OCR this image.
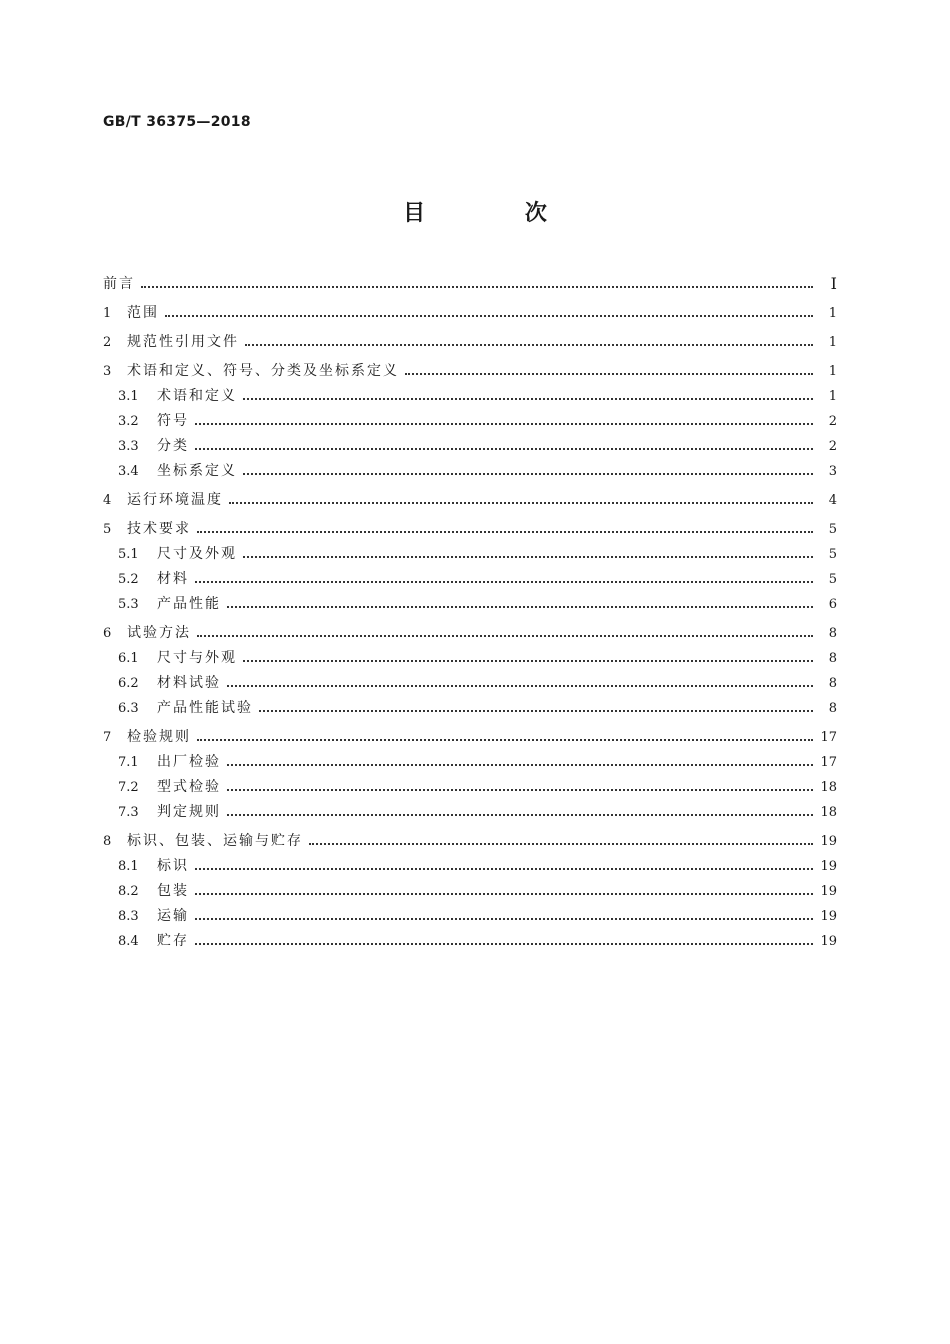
GB/T 36375—2018
目 次
前言	Ⅰ
1	范围	1
2	规范性引用文件	1
3	术语和定义、符号、分类及坐标系定义	1
3.1	术语和定义	1
3.2	符号	2
3.3	分类	2
3.4	坐标系定义	3
4	运行环境温度	4
5	技术要求	5
5.1	尺寸及外观	5
5.2	材料	5
5.3	产品性能	6
6	试验方法	8
6.1	尺寸与外观	8
6.2	材料试验	8
6.3	产品性能试验	8
7	检验规则	17
7.1	出厂检验	17
7.2	型式检验	18
7.3	判定规则	18
8	标识、包装、运输与贮存	19
8.1	标识	19
8.2	包装	19
8.3	运输	19
8.4	贮存	19
